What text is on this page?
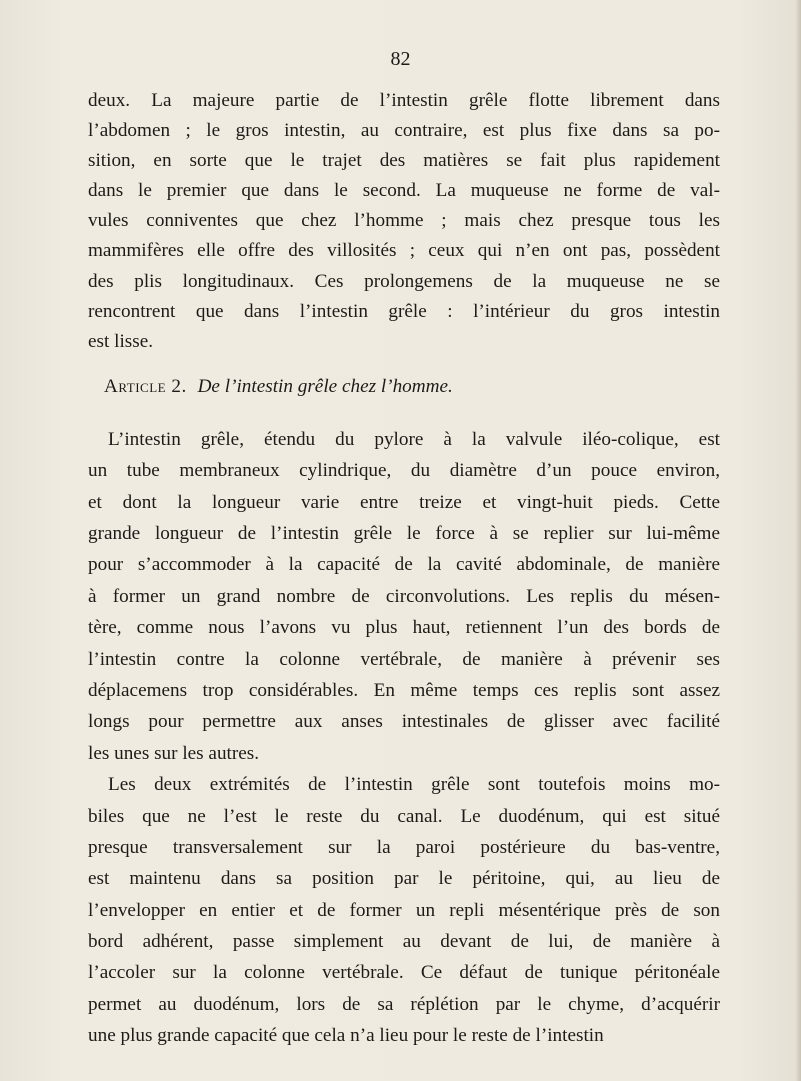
82
deux. La majeure partie de l’intestin grêle flotte librement dans
l’abdomen ; le gros intestin, au contraire, est plus fixe dans sa po-
sition, en sorte que le trajet des matières se fait plus rapidement
dans le premier que dans le second. La muqueuse ne forme de val-
vules conniventes que chez l’homme ; mais chez presque tous les
mammifères elle offre des villosités ; ceux qui n’en ont pas, possèdent
des plis longitudinaux. Ces prolongemens de la muqueuse ne se
rencontrent que dans l’intestin grêle : l’intérieur du gros intestin
est lisse.
Article 2. De l’intestin grêle chez l’homme.
L’intestin grêle, étendu du pylore à la valvule iléo-colique, est
un tube membraneux cylindrique, du diamètre d’un pouce environ,
et dont la longueur varie entre treize et vingt-huit pieds. Cette
grande longueur de l’intestin grêle le force à se replier sur lui-même
pour s’accommoder à la capacité de la cavité abdominale, de manière
à former un grand nombre de circonvolutions. Les replis du mésen-
tère, comme nous l’avons vu plus haut, retiennent l’un des bords de
l’intestin contre la colonne vertébrale, de manière à prévenir ses
déplacemens trop considérables. En même temps ces replis sont assez
longs pour permettre aux anses intestinales de glisser avec facilité
les unes sur les autres.
Les deux extrémités de l’intestin grêle sont toutefois moins mo-
biles que ne l’est le reste du canal. Le duodénum, qui est situé
presque transversalement sur la paroi postérieure du bas-ventre,
est maintenu dans sa position par le péritoine, qui, au lieu de
l’envelopper en entier et de former un repli mésentérique près de son
bord adhérent, passe simplement au devant de lui, de manière à
l’accoler sur la colonne vertébrale. Ce défaut de tunique péritonéale
permet au duodénum, lors de sa réplétion par le chyme, d’acquérir
une plus grande capacité que cela n’a lieu pour le reste de l’intestin
